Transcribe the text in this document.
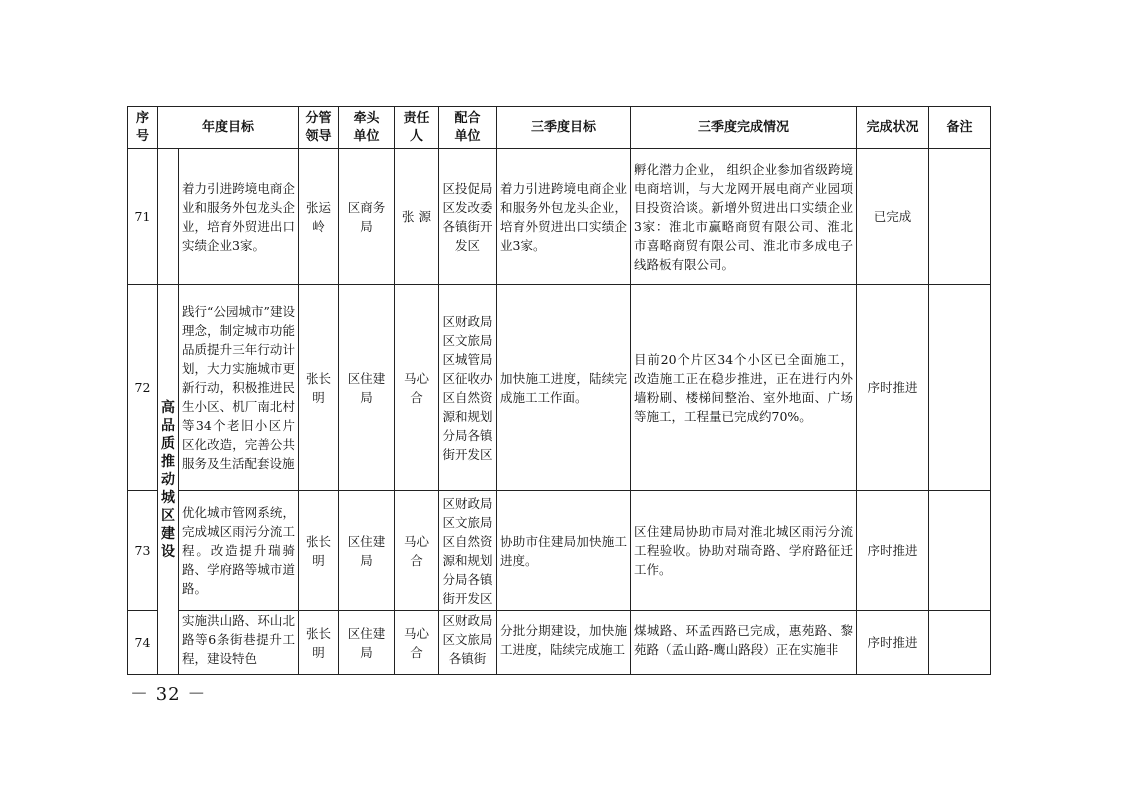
序号	年度目标		分管领导	牵头单位	责任人	配合单位	三季度目标	三季度完成情况	完成状况	备注
71		着力引进跨境电商企业和服务外包龙头企业，培育外贸进出口实绩企业3家。	张运岭	区商务局	张 源	区投促局区发改委各镇街开发区	着力引进跨境电商企业和服务外包龙头企业，培育外贸进出口实绩企业3家。	孵化潜力企业， 组织企业参加省级跨境电商培训，与大龙网开展电商产业园项目投资洽谈。新增外贸进出口实绩企业3家：淮北市赢略商贸有限公司、淮北市喜略商贸有限公司、淮北市多成电子线路板有限公司。	已完成	
72	高品质推动城区建设	践行“公园城市”建设理念，制定城市功能品质提升三年行动计划，大力实施城市更新行动，积极推进民生小区、机厂南北村等34个老旧小区片区化改造，完善公共服务及生活配套设施	张长明	区住建局	马心合	区财政局区文旅局区城管局区征收办区自然资源和规划分局各镇街开发区	加快施工进度，陆续完成施工工作面。	目前20个片区34个小区已全面施工，改造施工正在稳步推进，正在进行内外墙粉刷、楼梯间整治、室外地面、广场等施工，工程量已完成约70%。	序时推进	
73		优化城市管网系统，完成城区雨污分流工程。改造提升瑞骑路、学府路等城市道路。	张长明	区住建局	马心合	区财政局区文旅局区自然资源和规划分局各镇街开发区	协助市住建局加快施工进度。	区住建局协助市局对淮北城区雨污分流工程验收。协助对瑞奇路、学府路征迁工作。	序时推进	
74		实施洪山路、环山北路等6条街巷提升工程，建设特色	张长明	区住建局	马心合	区财政局区文旅局各镇街	分批分期建设，加快施工进度，陆续完成施工	煤城路、环孟西路已完成，惠苑路、黎苑路（孟山路-鹰山路段）正在实施非	序时推进	
－ 32 －
